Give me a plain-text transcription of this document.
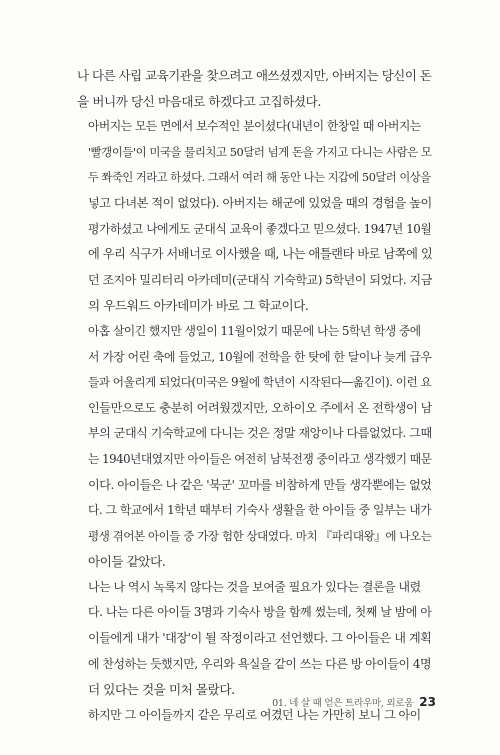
나 다른 사립 교육기관을 찾으려고 애쓰셨겠지만, 아버지는 당신이 돈
을 버니까 당신 마음대로 하겠다고 고집하셨다.

아버지는 모든 면에서 보수적인 분이셨다(내년이 한창일 때 아버지는
'빨갱이들'이 미국을 물리치고 50달러 넘게 돈을 가지고 다니는 사람은 모
두 쫘죽인 거라고 하셨다. 그래서 여러 해 동안 나는 지갑에 50달러 이상을
넣고 다녀본 적이 없었다). 아버지는 해군에 있었을 때의 경험을 높이
평가하셨고 나에게도 군대식 교육이 좋겠다고 믿으셨다. 1947년 10월
에 우리 식구가 서배너로 이사했을 때, 나는 애틀랜타 바로 남쪽에 있
던 조지아 밀리터리 아카데미(군대식 기숙학교) 5학년이 되었다. 지금
의 우드워드 아카데미가 바로 그 학교이다.

아홉 살이긴 했지만 생일이 11월이었기 때문에 나는 5학년 학생 중에
서 가장 어린 축에 들었고, 10월에 전학을 한 탓에 한 달이나 늦게 급우
들과 어울리게 되었다(미국은 9월에 학년이 시작된다—옮긴이). 이런 요
인들만으로도 충분히 어려웠겠지만, 오하이오 주에서 온 전학생이 남
부의 군대식 기숙학교에 다니는 것은 정말 재앙이나 다름없었다. 그때
는 1940년대였지만 아이들은 여전히 남북전쟁 중이라고 생각했기 때문
이다. 아이들은 나 같은 '북군' 꼬마를 비참하게 만들 생각뿐에는 없었
다. 그 학교에서 1학년 때부터 기숙사 생활을 한 아이들 중 일부는 내가
평생 겪어본 아이들 중 가장 험한 상대였다. 마치 『파리대왕』에 나오는
아이들 같았다.

나는 나 역시 녹록지 않다는 것을 보여줄 필요가 있다는 결론을 내렸
다. 나는 다른 아이들 3명과 기숙사 방을 함께 썼는데, 첫째 날 밤에 아
이들에게 내가 '대장'이 될 작정이라고 선언했다. 그 아이들은 내 계획
에 찬성하는 듯했지만, 우리와 욕실을 같이 쓰는 다른 방 아이들이 4명
더 있다는 것을 미처 몰랐다.

하지만 그 아이들까지 같은 무리로 여겼던 나는 가만히 보니 그 아이

01. 네 살 때 얻은 트라우마, 외로움 23
